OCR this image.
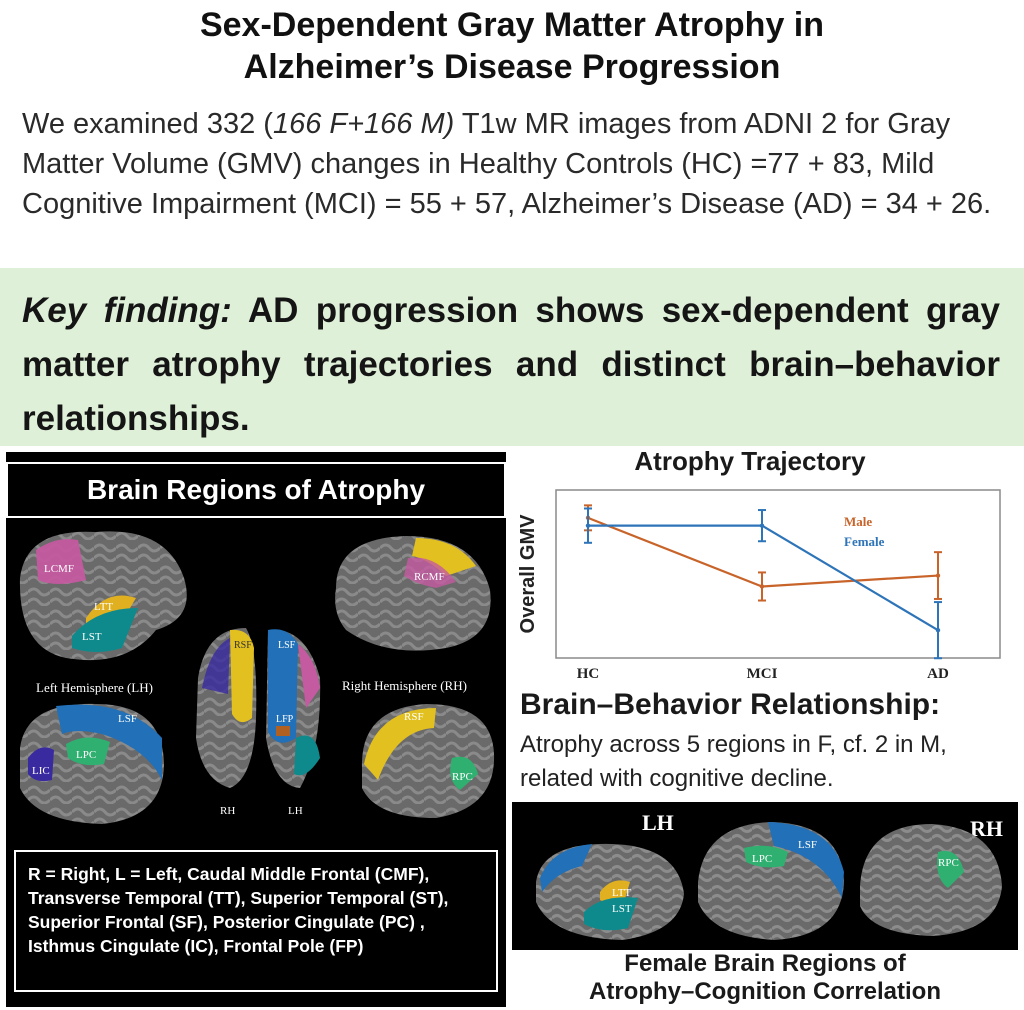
Sex-Dependent Gray Matter Atrophy in
Alzheimer’s Disease Progression
We examined 332 (166 F+166 M) T1w MR images from ADNI 2 for Gray Matter Volume (GMV) changes in Healthy Controls (HC) =77 + 83, Mild Cognitive Impairment (MCI) = 55 + 57, Alzheimer’s Disease (AD) = 34 + 26.

Key finding: AD progression shows sex-dependent gray matter atrophy trajectories and distinct brain–behavior relationships.

Brain Regions of Atrophy
LCMF
LTT
LST
RCMF
Left Hemisphere (LH)	Right Hemisphere (RH)
RSF	LSF
LFP
RH	LH
LSF
LPC
LIC
RSF
RPC
R = Right, L = Left, Caudal Middle Frontal (CMF), Transverse Temporal (TT), Superior Temporal (ST), Superior Frontal (SF), Posterior Cingulate (PC) , Isthmus Cingulate (IC), Frontal Pole (FP)
Atrophy Trajectory
Overall GMV	Male
Female
HC	MCI	AD
Brain–Behavior Relationship:
Atrophy across 5 regions in F, cf. 2 in M, related with cognitive decline.
LH	RH
LTT
LST
LPC
LSF
RPC
Female Brain Regions of
Atrophy–Cognition Correlation
